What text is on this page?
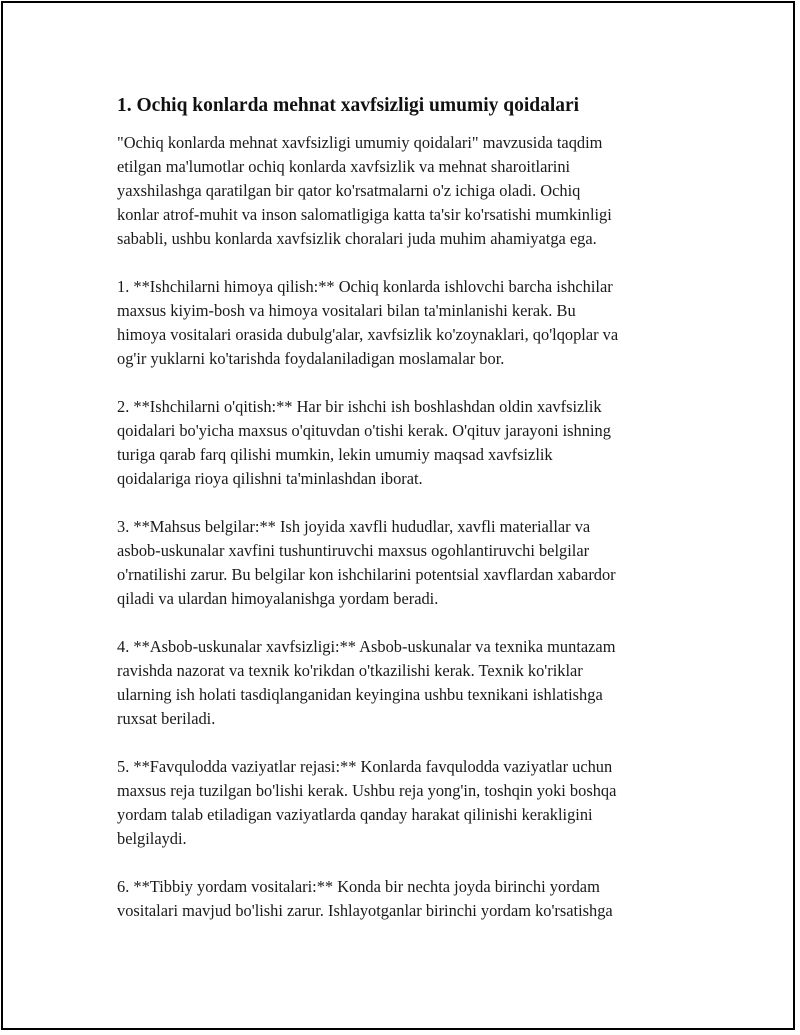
1. Ochiq konlarda mehnat xavfsizligi umumiy qoidalari
"Ochiq konlarda mehnat xavfsizligi umumiy qoidalari" mavzusida taqdim
etilgan ma'lumotlar ochiq konlarda xavfsizlik va mehnat sharoitlarini
yaxshilashga qaratilgan bir qator ko'rsatmalarni o'z ichiga oladi. Ochiq
konlar atrof-muhit va inson salomatligiga katta ta'sir ko'rsatishi mumkinligi
sababli, ushbu konlarda xavfsizlik choralari juda muhim ahamiyatga ega.
1. **Ishchilarni himoya qilish:** Ochiq konlarda ishlovchi barcha ishchilar
maxsus kiyim-bosh va himoya vositalari bilan ta'minlanishi kerak. Bu
himoya vositalari orasida dubulg'alar, xavfsizlik ko'zoynaklari, qo'lqoplar va
og'ir yuklarni ko'tarishda foydalaniladigan moslamalar bor.
2. **Ishchilarni o'qitish:** Har bir ishchi ish boshlashdan oldin xavfsizlik
qoidalari bo'yicha maxsus o'qituvdan o'tishi kerak. O'qituv jarayoni ishning
turiga qarab farq qilishi mumkin, lekin umumiy maqsad xavfsizlik
qoidalariga rioya qilishni ta'minlashdan iborat.
3. **Mahsus belgilar:** Ish joyida xavfli hududlar, xavfli materiallar va
asbob-uskunalar xavfini tushuntiruvchi maxsus ogohlantiruvchi belgilar
o'rnatilishi zarur. Bu belgilar kon ishchilarini potentsial xavflardan xabardor
qiladi va ulardan himoyalanishga yordam beradi.
4. **Asbob-uskunalar xavfsizligi:** Asbob-uskunalar va texnika muntazam
ravishda nazorat va texnik ko'rikdan o'tkazilishi kerak. Texnik ko'riklar
ularning ish holati tasdiqlanganidan keyingina ushbu texnikani ishlatishga
ruxsat beriladi.
5. **Favqulodda vaziyatlar rejasi:** Konlarda favqulodda vaziyatlar uchun
maxsus reja tuzilgan bo'lishi kerak. Ushbu reja yong'in, toshqin yoki boshqa
yordam talab etiladigan vaziyatlarda qanday harakat qilinishi kerakligini
belgilaydi.
6. **Tibbiy yordam vositalari:** Konda bir nechta joyda birinchi yordam
vositalari mavjud bo'lishi zarur. Ishlayotganlar birinchi yordam ko'rsatishga
